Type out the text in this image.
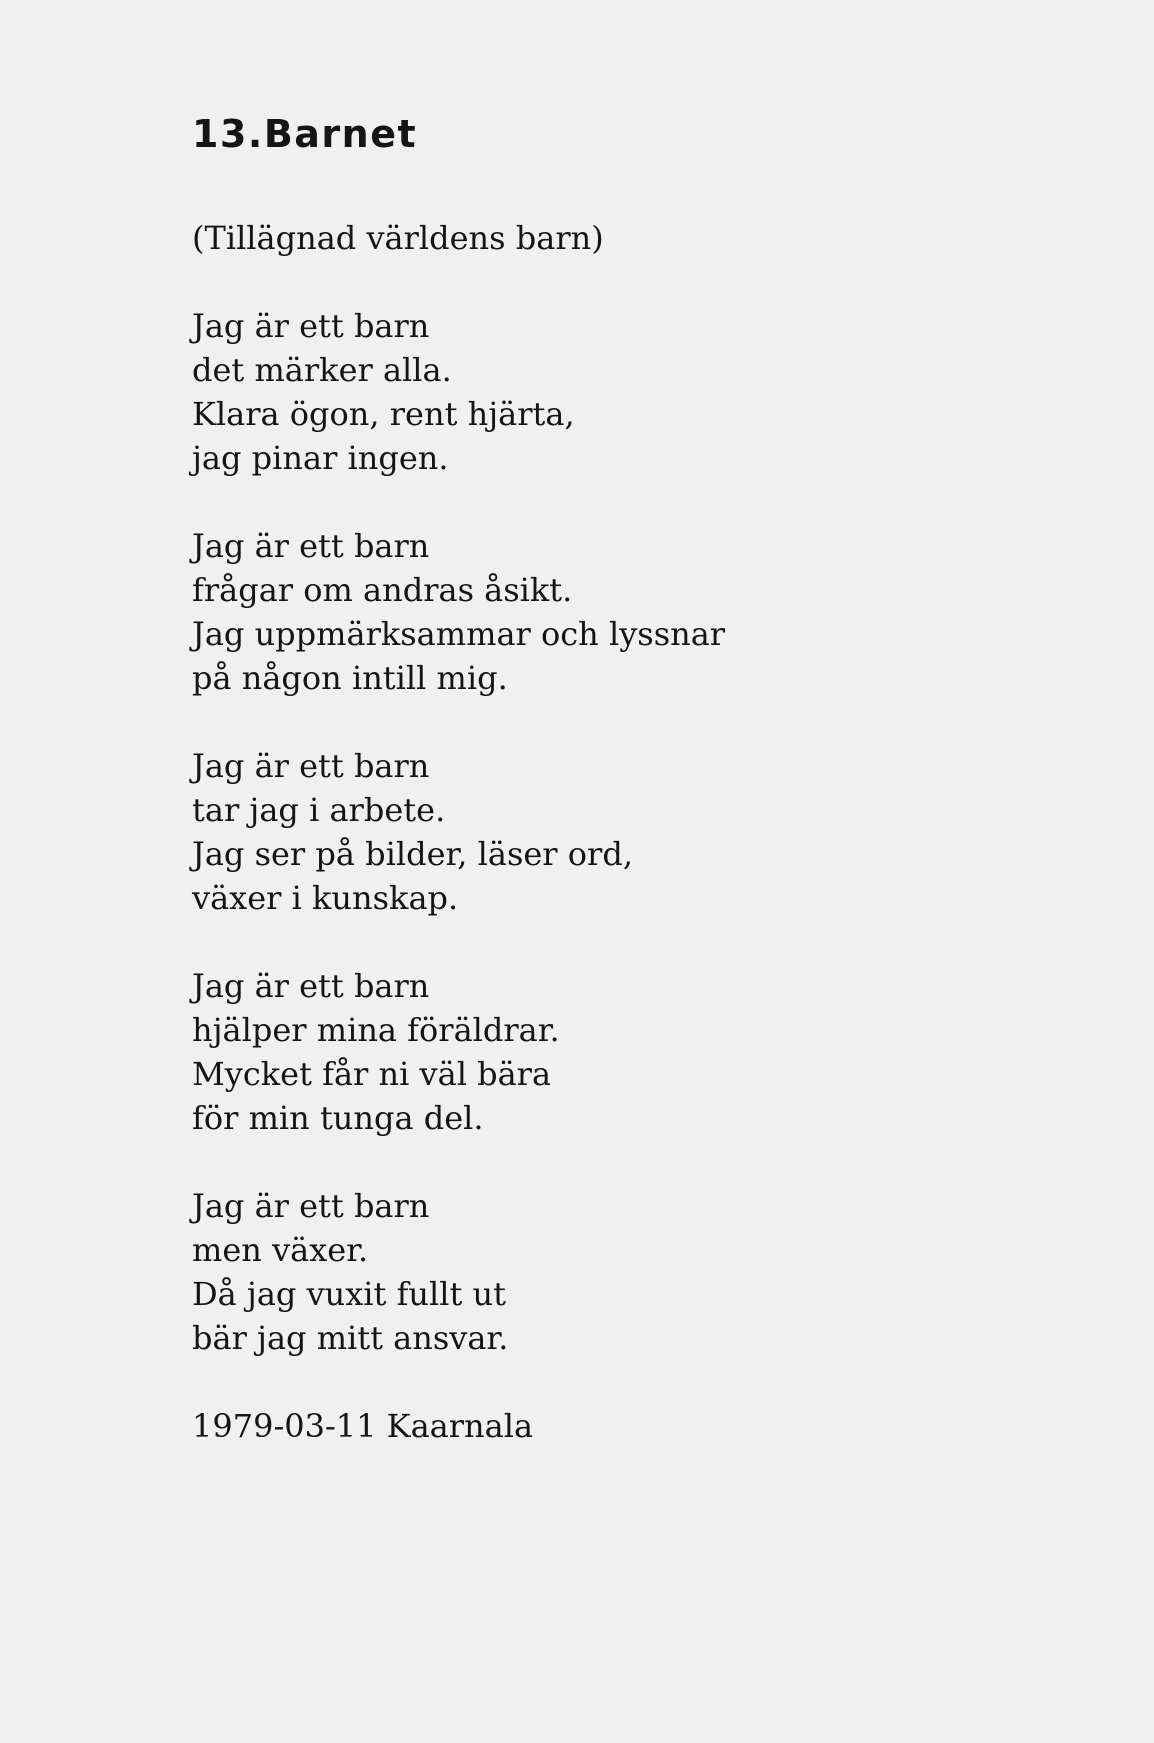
13.Barnet
(Tillägnad världens barn)
Jag är ett barn
det märker alla.
Klara ögon, rent hjärta,
jag pinar ingen.
Jag är ett barn
frågar om andras åsikt.
Jag uppmärksammar och lyssnar
på någon intill mig.
Jag är ett barn
tar jag i arbete.
Jag ser på bilder, läser ord,
växer i kunskap.
Jag är ett barn
hjälper mina föräldrar.
Mycket får ni väl bära
för min tunga del.
Jag är ett barn
men växer.
Då jag vuxit fullt ut
bär jag mitt ansvar.
1979-03-11 Kaarnala
